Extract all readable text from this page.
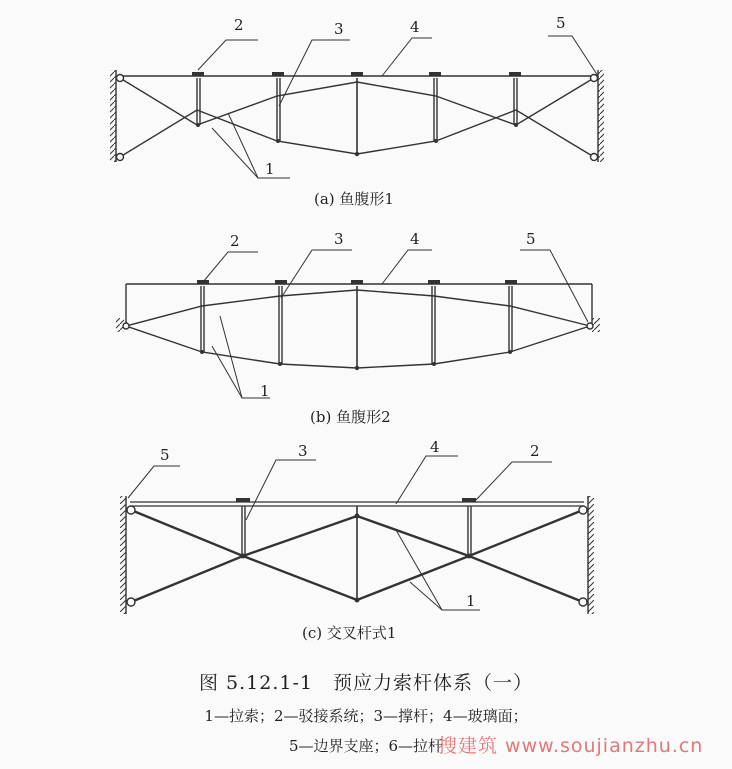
2	3	4	5
1
(a) 鱼腹形1
2	3	4	5
1
(b) 鱼腹形2
5	3	4	2
1
(c) 交叉杆式1
图 5.12.1-1　预应力索杆体系（一）
1—拉索；2—驳接系统；3—撑杆；4—玻璃面；
5—边界支座；6—拉杆
搜建筑 www.soujianzhu.cn
